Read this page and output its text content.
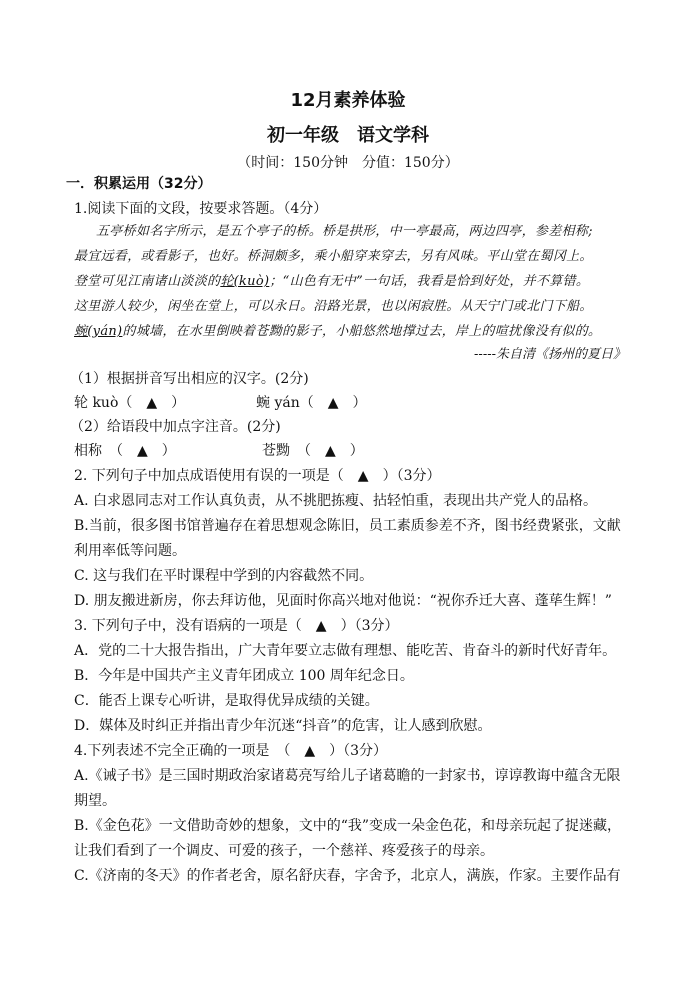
12月素养体验
初一年级　语文学科
（时间：150分钟　分值：150分）
一．积累运用（32分）
1.阅读下面的文段，按要求答题。（4分）
五亭桥如名字所示，是五个亭子的桥。桥是拱形，中一亭最高，两边四亭，参差相称;
最宜远看，或看影子，也好。桥洞颇多，乘小船穿来穿去，另有风味。平山堂在蜀冈上。
登堂可见江南诸山淡淡的轮(kuò)；“山色有无中”一句话，我看是恰到好处，并不算错。
这里游人较少，闲坐在堂上，可以永日。沿路光景，也以闲寂胜。从天宁门或北门下船。
蜿(yán)的城墙，在水里倒映着苍黝的影子，小船悠然地撑过去，岸上的喧扰像没有似的。
-----朱自清《扬州的夏日》
（1）根据拼音写出相应的汉字。(2分)
轮 kuò（　▲　）	蜿 yán（　▲　）
（2）给语段中加点字注音。(2分)
相称　（　▲　）	苍黝　（　▲　）
2. 下列句子中加点成语使用有误的一项是（　▲　）（3分）
A. 白求恩同志对工作认真负责，从不挑肥拣瘦、拈轻怕重，表现出共产党人的品格。
B.当前，很多图书馆普遍存在着思想观念陈旧，员工素质参差不齐，图书经费紧张，文献
利用率低等问题。
C. 这与我们在平时课程中学到的内容截然不同。
D. 朋友搬进新房，你去拜访他，见面时你高兴地对他说：“祝你乔迁大喜、蓬荜生辉！”
3. 下列句子中，没有语病的一项是（　▲　）（3分）
A．党的二十大报告指出，广大青年要立志做有理想、能吃苦、肯奋斗的新时代好青年。
B．今年是中国共产主义青年团成立 100 周年纪念日。
C．能否上课专心听讲，是取得优异成绩的关键。
D．媒体及时纠正并指出青少年沉迷“抖音”的危害，让人感到欣慰。
4.下列表述不完全正确的一项是　（　▲　）（3分）
A.《诫子书》是三国时期政治家诸葛亮写给儿子诸葛瞻的一封家书，谆谆教诲中蕴含无限
期望。
B.《金色花》一文借助奇妙的想象，文中的“我”变成一朵金色花，和母亲玩起了捉迷藏，
让我们看到了一个调皮、可爱的孩子，一个慈祥、疼爱孩子的母亲。
C.《济南的冬天》的作者老舍，原名舒庆春，字舍予，北京人，满族，作家。主要作品有
